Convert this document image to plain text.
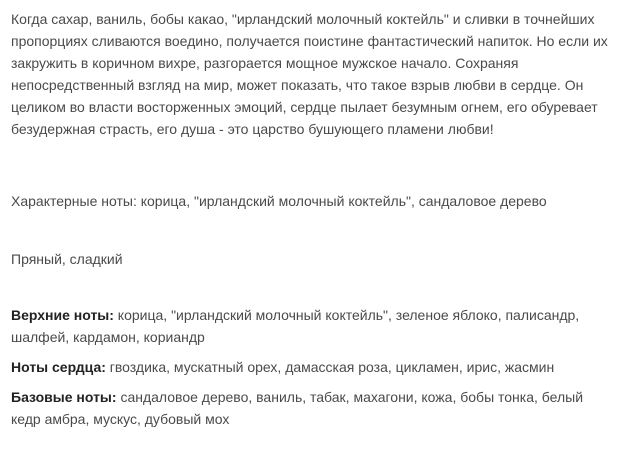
Когда сахар, ваниль, бобы какао, "ирландский молочный коктейль" и сливки в точнейших пропорциях сливаются воедино, получается поистине фантастический напиток. Но если их закружить в коричном вихре, разгорается мощное мужское начало. Сохраняя непосредственный взгляд на мир, может показать, что такое взрыв любви в сердце. Он целиком во власти восторженных эмоций, сердце пылает безумным огнем, его обуревает безудержная страсть, его душа - это царство бушующего пламени любви!

Характерные ноты: корица, "ирландский молочный коктейль", сандаловое дерево

Пряный, сладкий

Верхние ноты: корица, "ирландский молочный коктейль", зеленое яблоко, палисандр, шалфей, кардамон, кориандр

Ноты сердца: гвоздика, мускатный орех, дамасская роза, цикламен, ирис, жасмин

Базовые ноты: сандаловое дерево, ваниль, табак, махагони, кожа, бобы тонка, белый кедр амбра, мускус, дубовый мох
